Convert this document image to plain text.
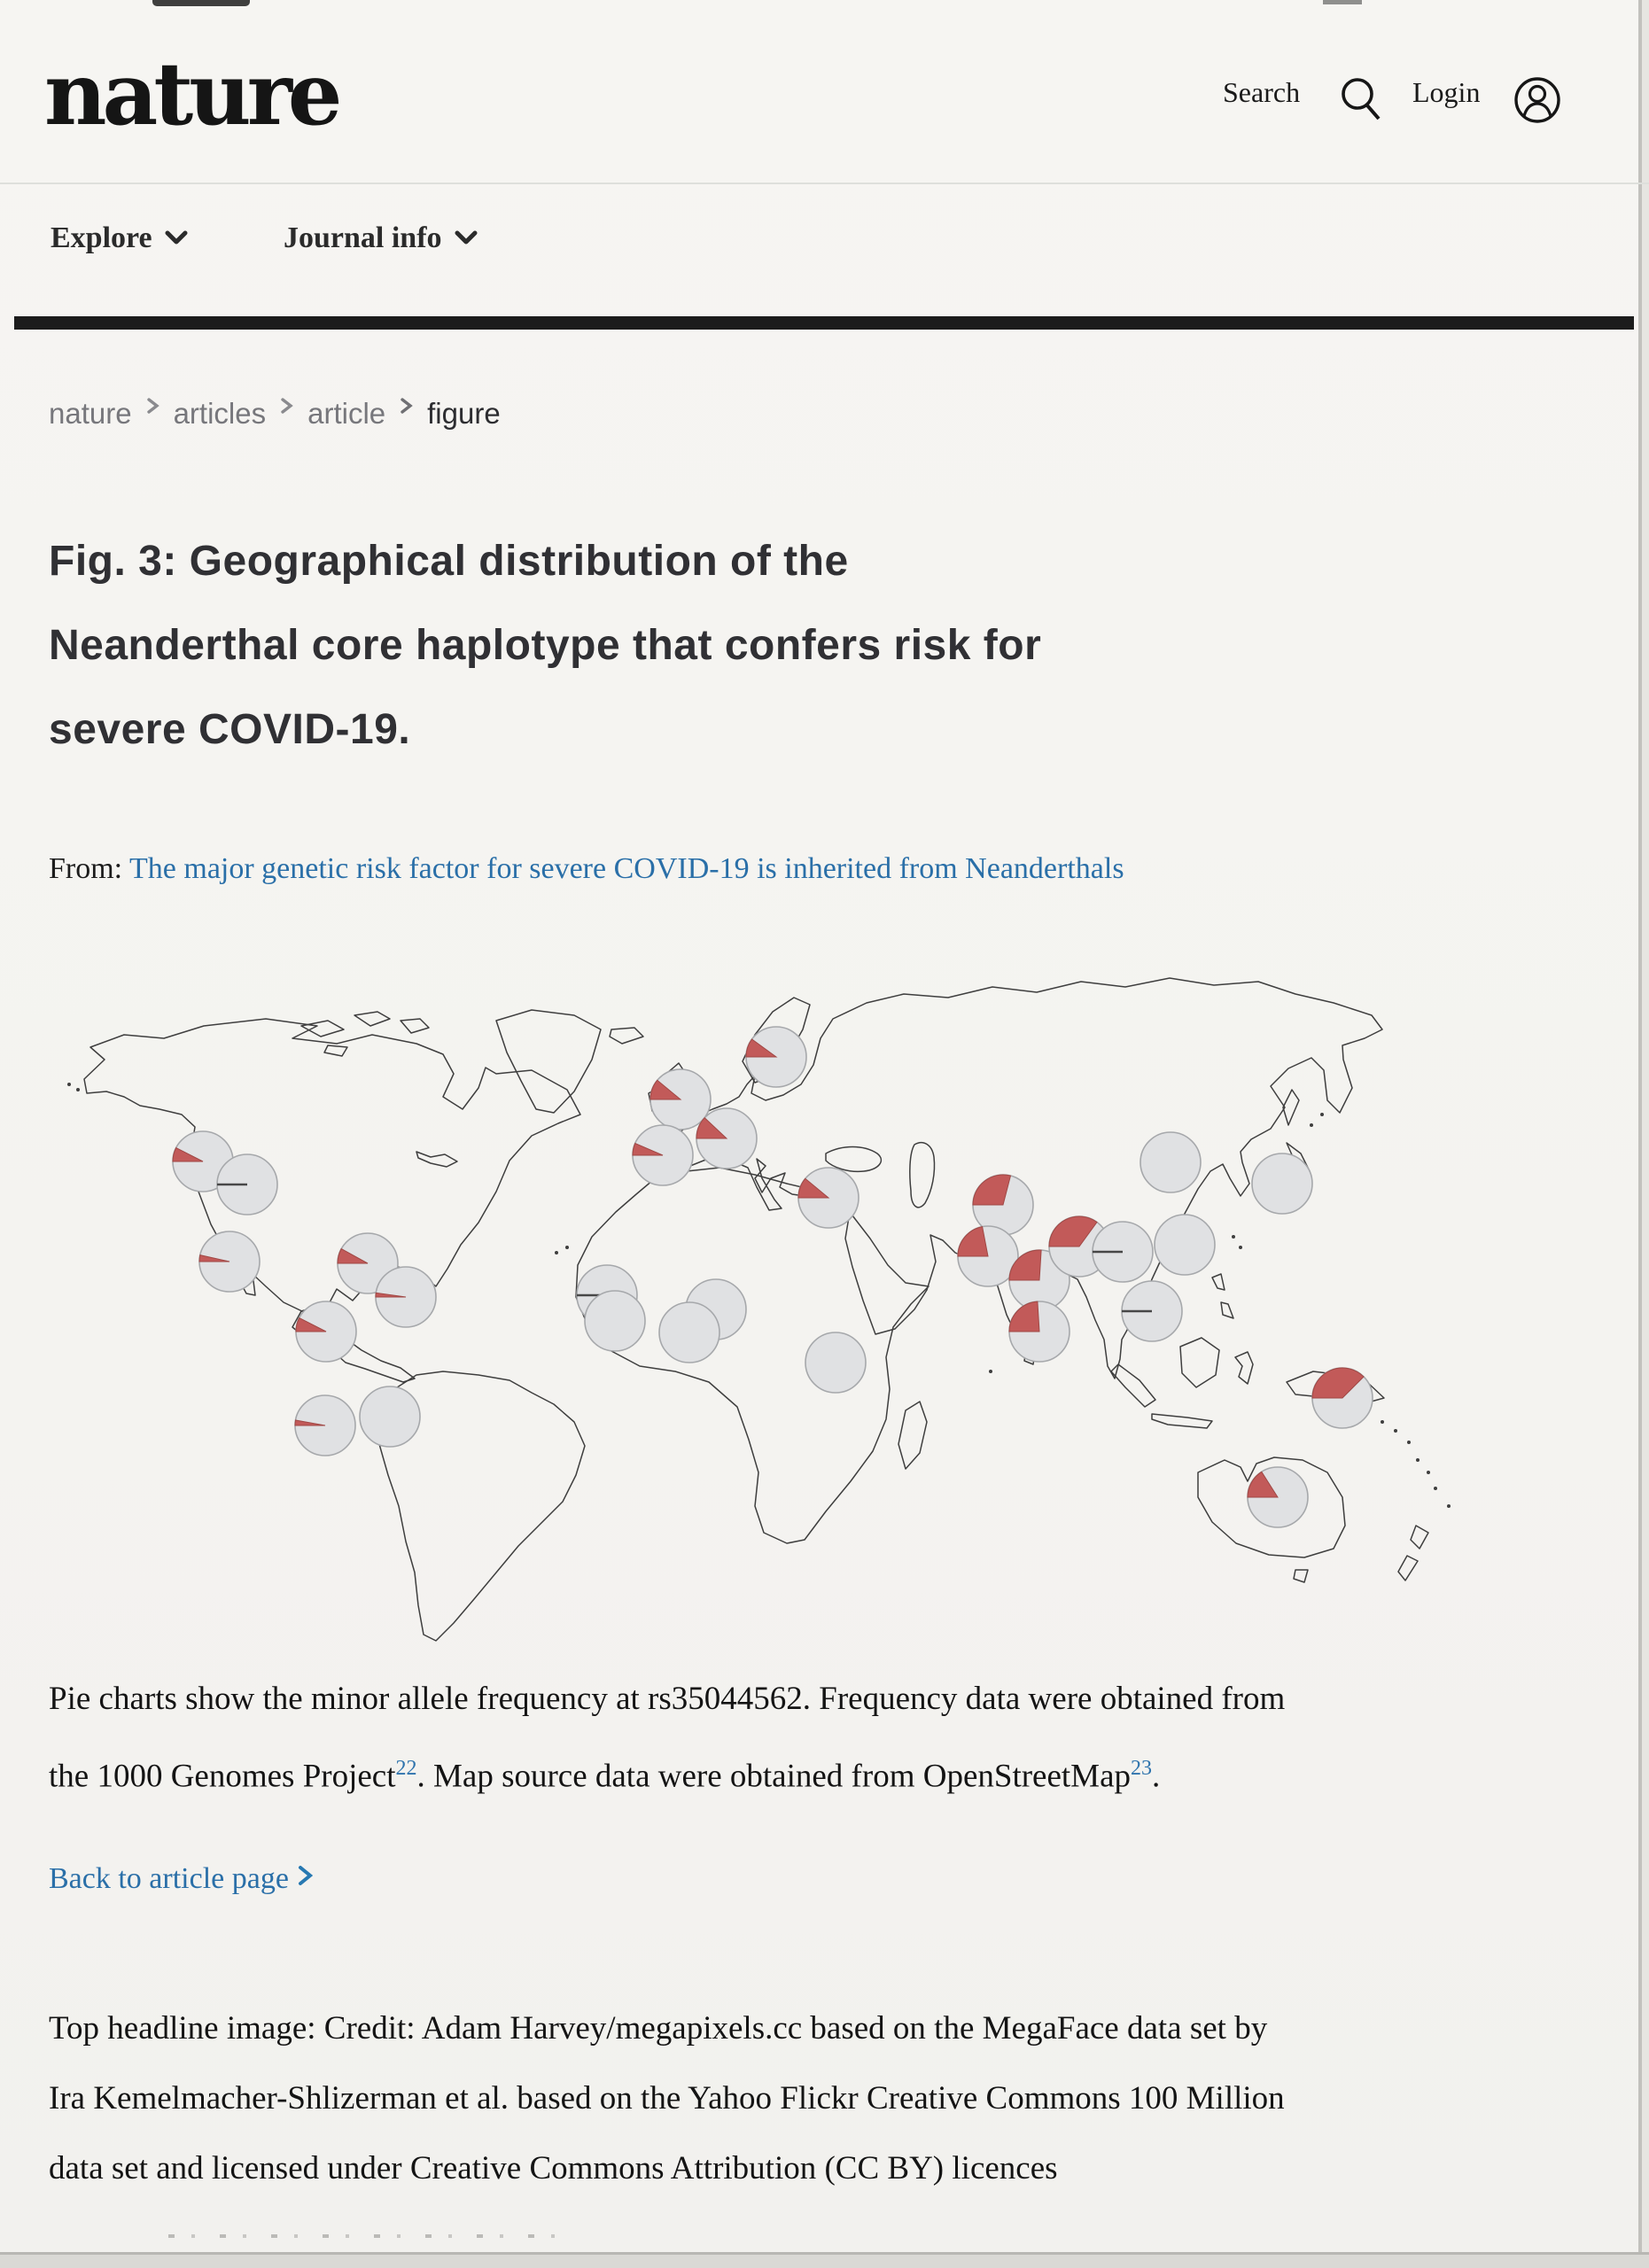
nature	Search	Login
Explore	Journal info
nature articles article figure
Fig. 3: Geographical distribution of the
Neanderthal core haplotype that confers risk for
severe COVID-19.
From: The major genetic risk factor for severe COVID-19 is inherited from Neanderthals

Pie charts show the minor allele frequency at rs35044562. Frequency data were obtained from
the 1000 Genomes Project$^{22}$. Map source data were obtained from OpenStreetMap$^{23}$.

Back to article page

Top headline image: Credit: Adam Harvey/megapixels.cc based on the MegaFace data set by
Ira Kemelmacher-Shlizerman et al. based on the Yahoo Flickr Creative Commons 100 Million
data set and licensed under Creative Commons Attribution (CC BY) licences
